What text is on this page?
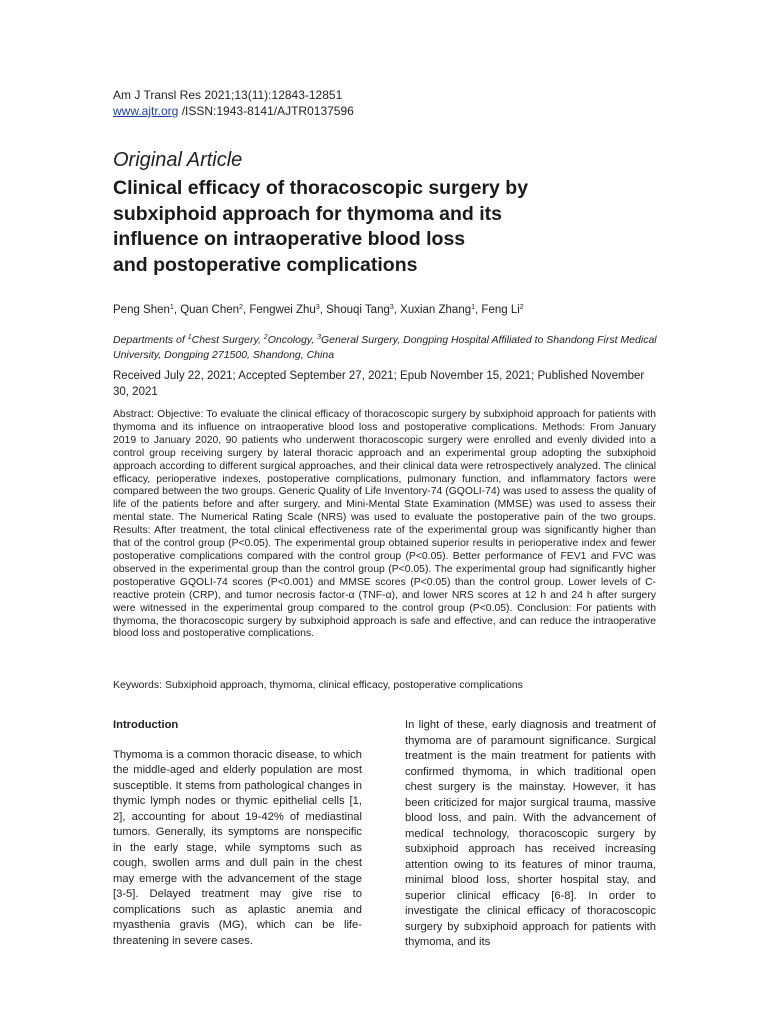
Am J Transl Res 2021;13(11):12843-12851
www.ajtr.org /ISSN:1943-8141/AJTR0137596
Original Article
Clinical efficacy of thoracoscopic surgery by
subxiphoid approach for thymoma and its
influence on intraoperative blood loss
and postoperative complications
Peng Shen$^1$, Quan Chen$^2$, Fengwei Zhu$^3$, Shouqi Tang$^3$, Xuxian Zhang$^1$, Feng Li$^2$
Departments of $^1$Chest Surgery, $^2$Oncology, $^3$General Surgery, Dongping Hospital Affiliated to Shandong First Medical University, Dongping 271500, Shandong, China
Received July 22, 2021; Accepted September 27, 2021; Epub November 15, 2021; Published November 30, 2021
Abstract: Objective: To evaluate the clinical efficacy of thoracoscopic surgery by subxiphoid approach for patients with thymoma and its influence on intraoperative blood loss and postoperative complications. Methods: From January 2019 to January 2020, 90 patients who underwent thoracoscopic surgery were enrolled and evenly divided into a control group receiving surgery by lateral thoracic approach and an experimental group adopting the subxiphoid approach according to different surgical approaches, and their clinical data were retrospectively analyzed. The clinical efficacy, perioperative indexes, postoperative complications, pulmonary function, and inflammatory factors were compared between the two groups. Generic Quality of Life Inventory-74 (GQOLI-74) was used to assess the quality of life of the patients before and after surgery, and Mini-Mental State Examination (MMSE) was used to assess their mental state. The Numerical Rating Scale (NRS) was used to evaluate the postoperative pain of the two groups. Results: After treatment, the total clinical effectiveness rate of the experimental group was significantly higher than that of the control group (P<0.05). The experimental group obtained superior results in perioperative index and fewer postoperative complications compared with the control group (P<0.05). Better performance of FEV1 and FVC was observed in the experimental group than the control group (P<0.05). The experimental group had significantly higher postoperative GQOLI-74 scores (P<0.001) and MMSE scores (P<0.05) than the control group. Lower levels of C-reactive protein (CRP), and tumor necrosis factor-α (TNF-α), and lower NRS scores at 12 h and 24 h after surgery were witnessed in the experimental group compared to the control group (P<0.05). Conclusion: For patients with thymoma, the thoracoscopic surgery by subxiphoid approach is safe and effective, and can reduce the intraoperative blood loss and postoperative complications.
Keywords: Subxiphoid approach, thymoma, clinical efficacy, postoperative complications
Introduction
Thymoma is a common thoracic disease, to which the middle-aged and elderly population are most susceptible. It stems from pathological changes in thymic lymph nodes or thymic epithelial cells [1, 2], accounting for about 19-42% of mediastinal tumors. Generally, its symptoms are nonspecific in the early stage, while symptoms such as cough, swollen arms and dull pain in the chest may emerge with the advancement of the stage [3-5]. Delayed treatment may give rise to complications such as aplastic anemia and myasthenia gravis (MG), which can be life-threatening in severe cases.
In light of these, early diagnosis and treatment of thymoma are of paramount significance. Surgical treatment is the main treatment for patients with confirmed thymoma, in which traditional open chest surgery is the mainstay. However, it has been criticized for major surgical trauma, massive blood loss, and pain. With the advancement of medical technology, thoracoscopic surgery by subxiphoid approach has received increasing attention owing to its features of minor trauma, minimal blood loss, shorter hospital stay, and superior clinical efficacy [6-8]. In order to investigate the clinical efficacy of thoracoscopic surgery by subxiphoid approach for patients with thymoma, and its
